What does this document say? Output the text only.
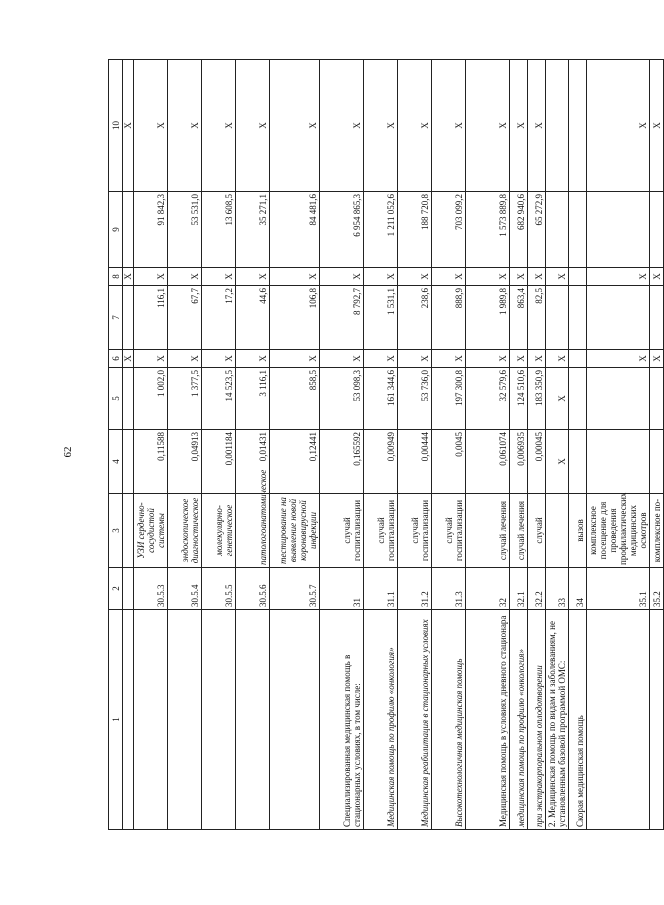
62
1	2	3	4	5	6	7	8	9	10
					X		X		X
	30.5.3	УЗИ сердечно-сосудистой системы	0,11588	1 002,0	X	116,1	X	91 842,3	X
	30.5.4	эндоскопическое диагностическое	0,04913	1 377,5	X	67,7	X	53 531,0	X
	30.5.5	молекулярно-генетическое	0,001184	14 523,5	X	17,2	X	13 608,5	X
	30.5.6	патологоанатомическое	0,01431	3 116,1	X	44,6	X	35 271,1	X
	30.5.7	тестирование на выявление новой коронавирусной инфекции	0,12441	858,5	X	106,8	X	84 481,6	X
Специализированная медицинская помощь в стационарных условиях, в том числе:	31	случай госпитализации	0,165592	53 098,3	X	8 792,7	X	6 954 865,3	X
Медицинская помощь по профилю «онкология»	31.1	случай госпитализации	0,00949	161 344,6	X	1 531,1	X	1 211 052,6	X
Медицинская реабилитация в стационарных условиях	31.2	случай госпитализации	0,00444	53 736,0	X	238,6	X	188 720,8	X
Высокотехнологичная медицинская помощь	31.3	случай госпитализации	0,0045	197 300,8	X	888,9	X	703 099,2	X
Медицинская помощь в условиях дневного стационара	32	случай лечения	0,061074	32 579,6	X	1 989,8	X	1 573 889,8	X
медицинская помощь по профилю «онкология»	32.1	случай лечения	0,006935	124 510,6	X	863,4	X	682 940,6	X
при экстракорпоральном оплодотворении	32.2	случай	0,00045	183 350,9	X	82,5	X	65 272,9	X
2. Медицинская помощь по видам и заболеваниям, не установленным базовой программой ОМС:	33		X	X	X		X		
Скорая медицинская помощь	34	вызов							
	35.1	комплексное посещение для проведения профилактических медицинских осмотров			X		X		X
	35.2	комплексное по-			X		X		X
